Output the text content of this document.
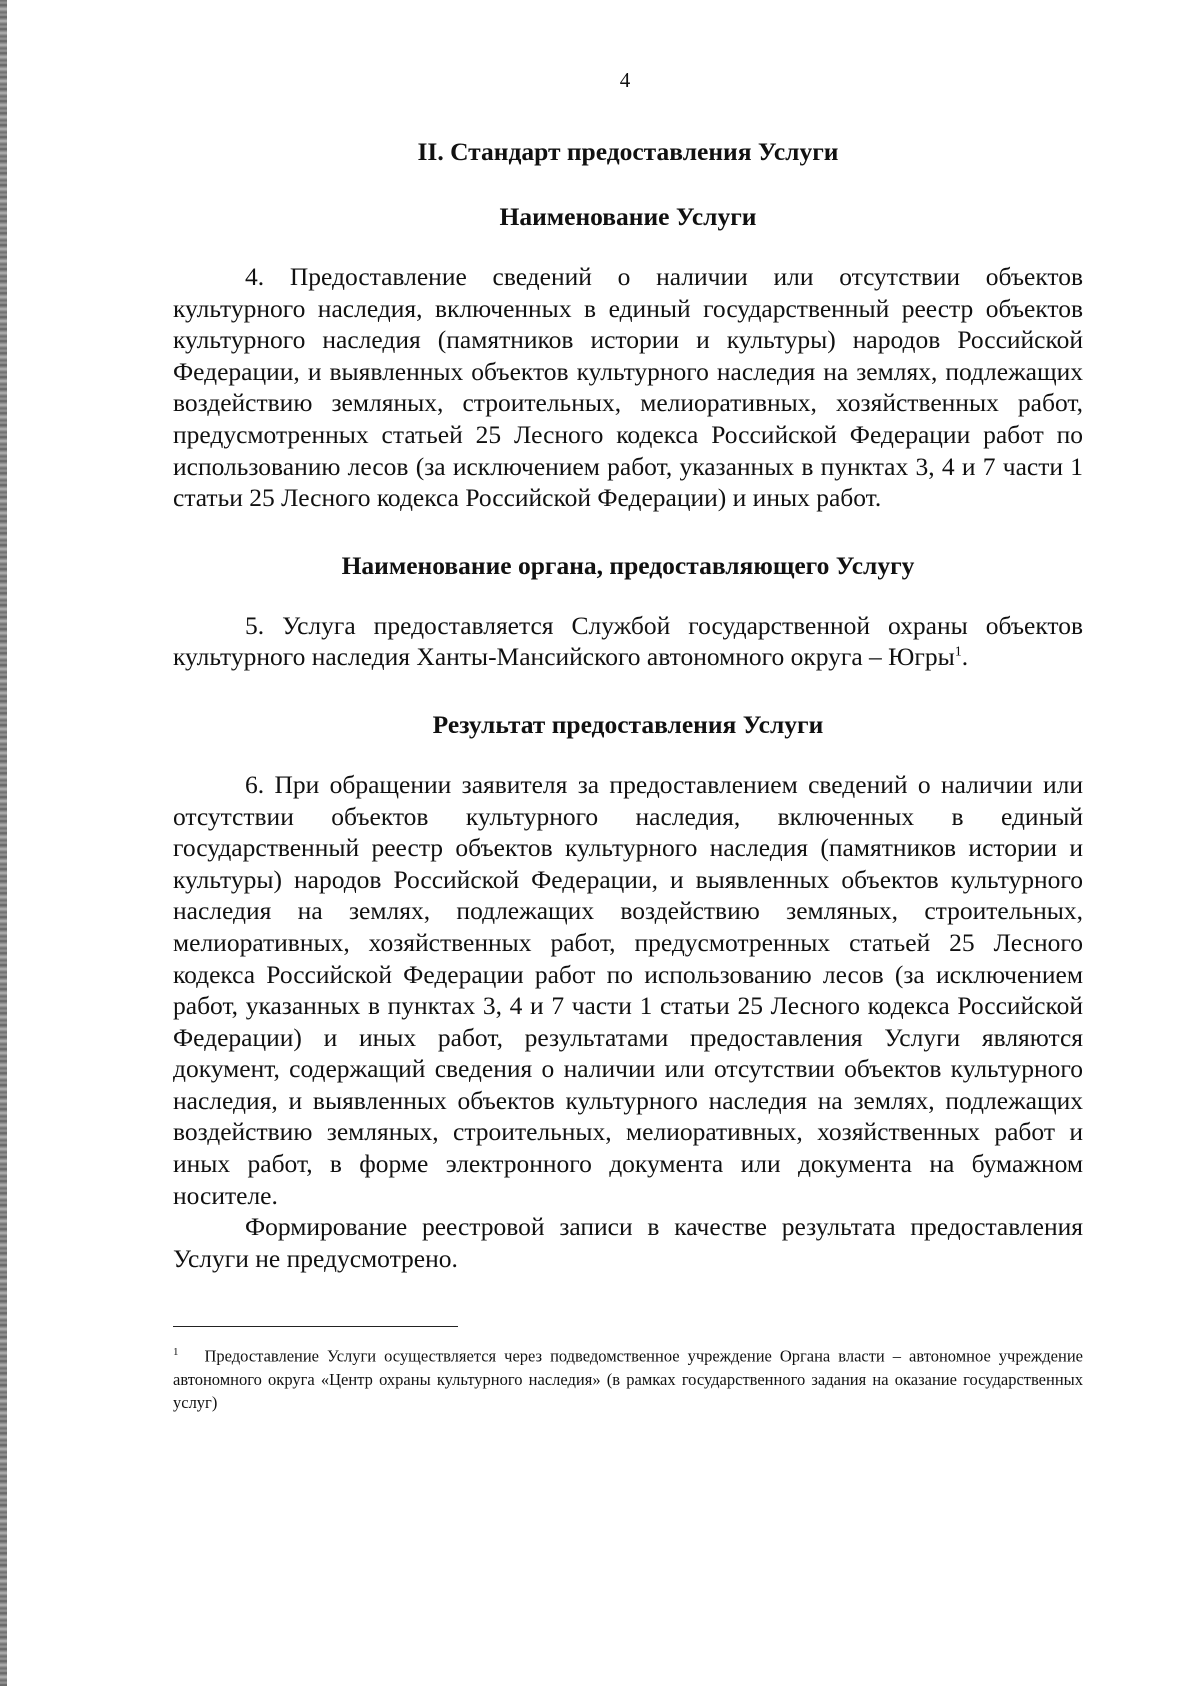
4
II. Стандарт предоставления Услуги
Наименование Услуги

4. Предоставление сведений о наличии или отсутствии объектов культурного наследия, включенных в единый государственный реестр объектов культурного наследия (памятников истории и культуры) народов Российской Федерации, и выявленных объектов культурного наследия на землях, подлежащих воздействию земляных, строительных, мелиоративных, хозяйственных работ, предусмотренных статьей 25 Лесного кодекса Российской Федерации работ по использованию лесов (за исключением работ, указанных в пунктах 3, 4 и 7 части 1 статьи 25 Лесного кодекса Российской Федерации) и иных работ.

Наименование органа, предоставляющего Услугу

5. Услуга предоставляется Службой государственной охраны объектов культурного наследия Ханты-Мансийского автономного округа – Югры$^1$.

Результат предоставления Услуги

6. При обращении заявителя за предоставлением сведений о наличии или отсутствии объектов культурного наследия, включенных в единый государственный реестр объектов культурного наследия (памятников истории и культуры) народов Российской Федерации, и выявленных объектов культурного наследия на землях, подлежащих воздействию земляных, строительных, мелиоративных, хозяйственных работ, предусмотренных статьей 25 Лесного кодекса Российской Федерации работ по использованию лесов (за исключением работ, указанных в пунктах 3, 4 и 7 части 1 статьи 25 Лесного кодекса Российской Федерации) и иных работ, результатами предоставления Услуги являются документ, содержащий сведения о наличии или отсутствии объектов культурного наследия, и выявленных объектов культурного наследия на землях, подлежащих воздействию земляных, строительных, мелиоративных, хозяйственных работ и иных работ, в форме электронного документа или документа на бумажном носителе.

Формирование реестровой записи в качестве результата предоставления Услуги не предусмотрено.

$^1$ Предоставление Услуги осуществляется через подведомственное учреждение Органа власти – автономное учреждение автономного округа «Центр охраны культурного наследия» (в рамках государственного задания на оказание государственных услуг)
